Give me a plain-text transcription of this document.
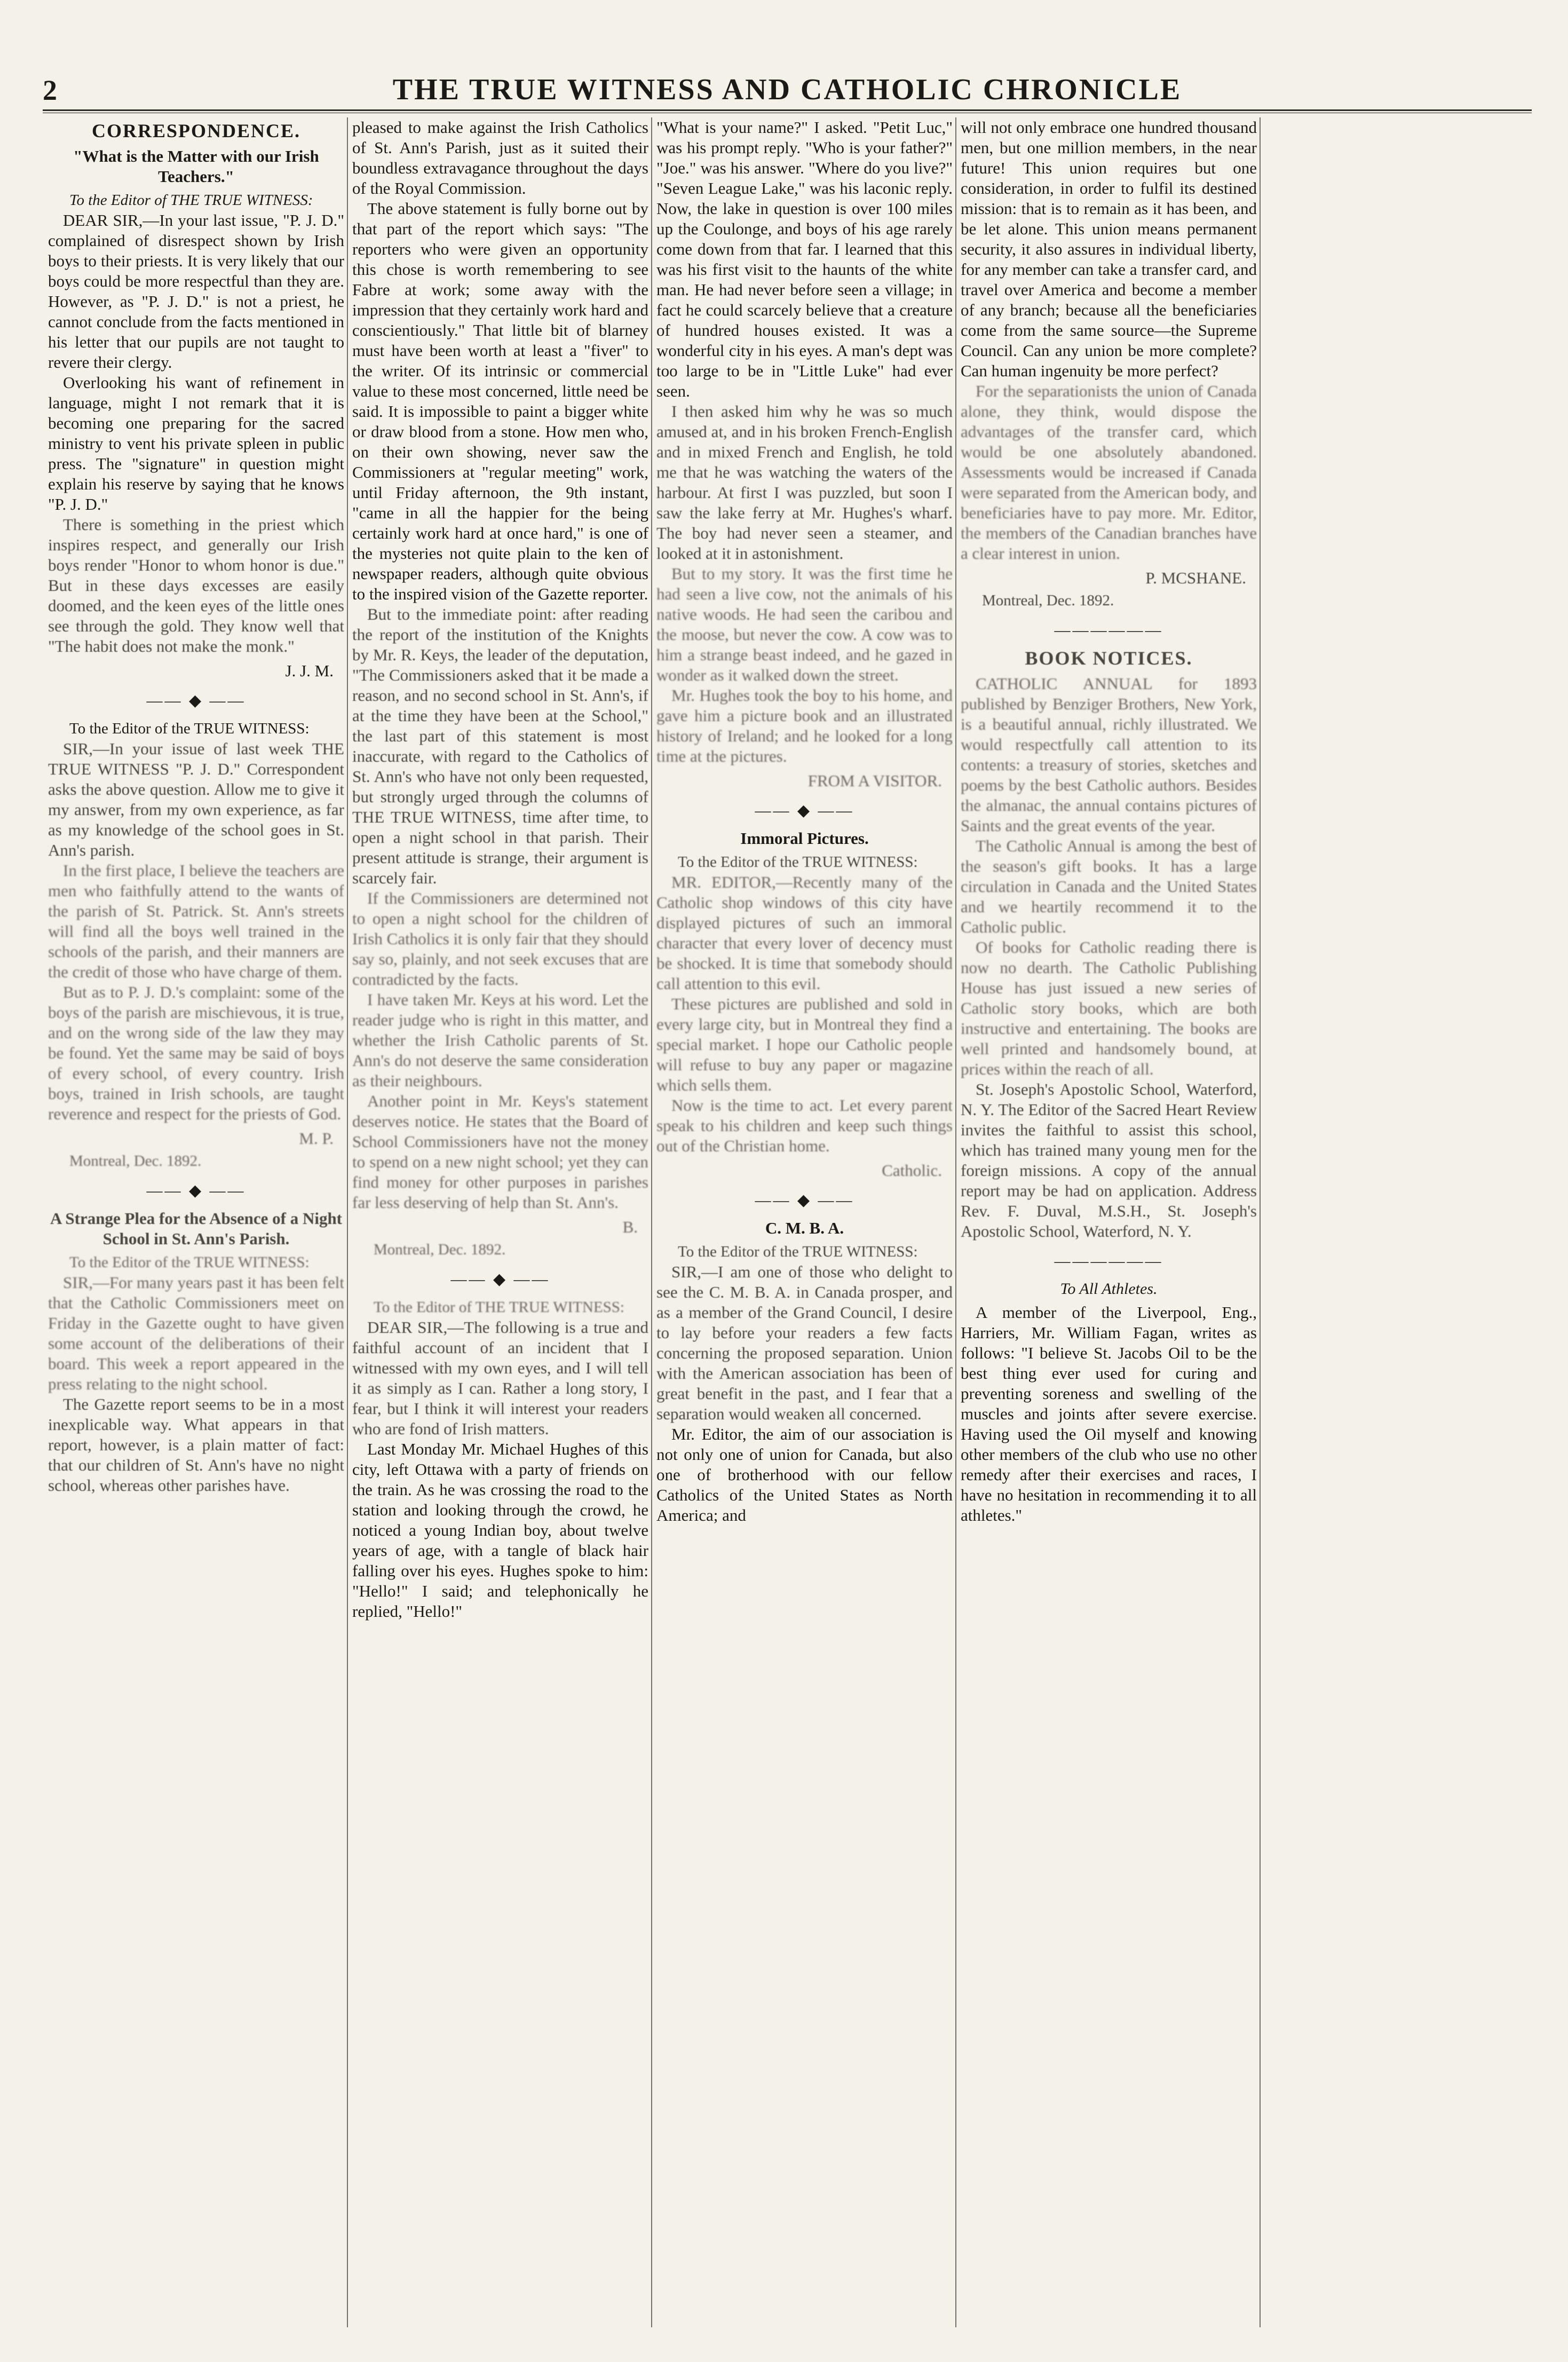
2	THE TRUE WITNESS AND CATHOLIC CHRONICLE
CORRESPONDENCE.
"What is the Matter with our Irish Teachers."

To the Editor of THE TRUE WITNESS:

DEAR SIR,—In your last issue, "P. J. D." complained of disrespect shown by Irish boys to their priests. It is very likely that our boys could be more respectful than they are. However, as "P. J. D." is not a priest, he cannot conclude from the facts mentioned in his letter that our pupils are not taught to revere their clergy.

Overlooking his want of refinement in language, might I not remark that it is becoming one preparing for the sacred ministry to vent his private spleen in public press. The "signature" in question might explain his reserve by saying that he knows "P. J. D."

There is something in the priest which inspires respect, and generally our Irish boys render "Honor to whom honor is due." But in these days excesses are easily doomed, and the keen eyes of the little ones see through the gold. They know well that "The habit does not make the monk."

J. J. M.

—— ◆ ——

To the Editor of the TRUE WITNESS:

SIR,—In your issue of last week THE TRUE WITNESS "P. J. D." Correspondent asks the above question. Allow me to give it my answer, from my own experience, as far as my knowledge of the school goes in St. Ann's parish.

In the first place, I believe the teachers are men who faithfully attend to the wants of the parish of St. Patrick. St. Ann's streets will find all the boys well trained in the schools of the parish, and their manners are the credit of those who have charge of them.

But as to P. J. D.'s complaint: some of the boys of the parish are mischievous, it is true, and on the wrong side of the law they may be found. Yet the same may be said of boys of every school, of every country. Irish boys, trained in Irish schools, are taught reverence and respect for the priests of God.

M. P.

Montreal, Dec. 1892.

—— ◆ ——
A Strange Plea for the Absence of a Night School in St. Ann's Parish.

To the Editor of the TRUE WITNESS:

SIR,—For many years past it has been felt that the Catholic Commissioners meet on Friday in the Gazette ought to have given some account of the deliberations of their board. This week a report appeared in the press relating to the night school.

The Gazette report seems to be in a most inexplicable way. What appears in that report, however, is a plain matter of fact: that our children of St. Ann's have no night school, whereas other parishes have.

pleased to make against the Irish Catholics of St. Ann's Parish, just as it suited their boundless extravagance throughout the days of the Royal Commission.

The above statement is fully borne out by that part of the report which says: "The reporters who were given an opportunity this chose is worth remembering to see Fabre at work; some away with the impression that they certainly work hard and conscientiously." That little bit of blarney must have been worth at least a "fiver" to the writer. Of its intrinsic or commercial value to these most concerned, little need be said. It is impossible to paint a bigger white or draw blood from a stone. How men who, on their own showing, never saw the Commissioners at "regular meeting" work, until Friday afternoon, the 9th instant, "came in all the happier for the being certainly work hard at once hard," is one of the mysteries not quite plain to the ken of newspaper readers, although quite obvious to the inspired vision of the Gazette reporter.

But to the immediate point: after reading the report of the institution of the Knights by Mr. R. Keys, the leader of the deputation, "The Commissioners asked that it be made a reason, and no second school in St. Ann's, if at the time they have been at the School," the last part of this statement is most inaccurate, with regard to the Catholics of St. Ann's who have not only been requested, but strongly urged through the columns of THE TRUE WITNESS, time after time, to open a night school in that parish. Their present attitude is strange, their argument is scarcely fair.

If the Commissioners are determined not to open a night school for the children of Irish Catholics it is only fair that they should say so, plainly, and not seek excuses that are contradicted by the facts.

I have taken Mr. Keys at his word. Let the reader judge who is right in this matter, and whether the Irish Catholic parents of St. Ann's do not deserve the same consideration as their neighbours.

Another point in Mr. Keys's statement deserves notice. He states that the Board of School Commissioners have not the money to spend on a new night school; yet they can find money for other purposes in parishes far less deserving of help than St. Ann's.

B.

Montreal, Dec. 1892.

—— ◆ ——

To the Editor of THE TRUE WITNESS:

DEAR SIR,—The following is a true and faithful account of an incident that I witnessed with my own eyes, and I will tell it as simply as I can. Rather a long story, I fear, but I think it will interest your readers who are fond of Irish matters.

Last Monday Mr. Michael Hughes of this city, left Ottawa with a party of friends on the train. As he was crossing the road to the station and looking through the crowd, he noticed a young Indian boy, about twelve years of age, with a tangle of black hair falling over his eyes. Hughes spoke to him: "Hello!" I said; and telephonically he replied, "Hello!"

"What is your name?" I asked. "Petit Luc," was his prompt reply. "Who is your father?" "Joe." was his answer. "Where do you live?" "Seven League Lake," was his laconic reply. Now, the lake in question is over 100 miles up the Coulonge, and boys of his age rarely come down from that far. I learned that this was his first visit to the haunts of the white man. He had never before seen a village; in fact he could scarcely believe that a creature of hundred houses existed. It was a wonderful city in his eyes. A man's dept was too large to be in "Little Luke" had ever seen.

I then asked him why he was so much amused at, and in his broken French-English and in mixed French and English, he told me that he was watching the waters of the harbour. At first I was puzzled, but soon I saw the lake ferry at Mr. Hughes's wharf. The boy had never seen a steamer, and looked at it in astonishment.

But to my story. It was the first time he had seen a live cow, not the animals of his native woods. He had seen the caribou and the moose, but never the cow. A cow was to him a strange beast indeed, and he gazed in wonder as it walked down the street.

Mr. Hughes took the boy to his home, and gave him a picture book and an illustrated history of Ireland; and he looked for a long time at the pictures.

FROM A VISITOR.

—— ◆ ——
Immoral Pictures.

To the Editor of the TRUE WITNESS:

MR. EDITOR,—Recently many of the Catholic shop windows of this city have displayed pictures of such an immoral character that every lover of decency must be shocked. It is time that somebody should call attention to this evil.

These pictures are published and sold in every large city, but in Montreal they find a special market. I hope our Catholic people will refuse to buy any paper or magazine which sells them.

Now is the time to act. Let every parent speak to his children and keep such things out of the Christian home.

Catholic.

—— ◆ ——
C. M. B. A.

To the Editor of the TRUE WITNESS:

SIR,—I am one of those who delight to see the C. M. B. A. in Canada prosper, and as a member of the Grand Council, I desire to lay before your readers a few facts concerning the proposed separation. Union with the American association has been of great benefit in the past, and I fear that a separation would weaken all concerned.

Mr. Editor, the aim of our association is not only one of union for Canada, but also one of brotherhood with our fellow Catholics of the United States as North America; and

will not only embrace one hundred thousand men, but one million members, in the near future! This union requires but one consideration, in order to fulfil its destined mission: that is to remain as it has been, and be let alone. This union means permanent security, it also assures in individual liberty, for any member can take a transfer card, and travel over America and become a member of any branch; because all the beneficiaries come from the same source—the Supreme Council. Can any union be more complete? Can human ingenuity be more perfect?

For the separationists the union of Canada alone, they think, would dispose the advantages of the transfer card, which would be one absolutely abandoned. Assessments would be increased if Canada were separated from the American body, and beneficiaries have to pay more. Mr. Editor, the members of the Canadian branches have a clear interest in union.

P. MCSHANE.

Montreal, Dec. 1892.

——————
BOOK NOTICES.

CATHOLIC ANNUAL for 1893 published by Benziger Brothers, New York, is a beautiful annual, richly illustrated. We would respectfully call attention to its contents: a treasury of stories, sketches and poems by the best Catholic authors. Besides the almanac, the annual contains pictures of Saints and the great events of the year.

The Catholic Annual is among the best of the season's gift books. It has a large circulation in Canada and the United States and we heartily recommend it to the Catholic public.

Of books for Catholic reading there is now no dearth. The Catholic Publishing House has just issued a new series of Catholic story books, which are both instructive and entertaining. The books are well printed and handsomely bound, at prices within the reach of all.

St. Joseph's Apostolic School, Waterford, N. Y. The Editor of the Sacred Heart Review invites the faithful to assist this school, which has trained many young men for the foreign missions. A copy of the annual report may be had on application. Address Rev. F. Duval, M.S.H., St. Joseph's Apostolic School, Waterford, N. Y.

——————
To All Athletes.

A member of the Liverpool, Eng., Harriers, Mr. William Fagan, writes as follows: "I believe St. Jacobs Oil to be the best thing ever used for curing and preventing soreness and swelling of the muscles and joints after severe exercise. Having used the Oil myself and knowing other members of the club who use no other remedy after their exercises and races, I have no hesitation in recommending it to all athletes."
